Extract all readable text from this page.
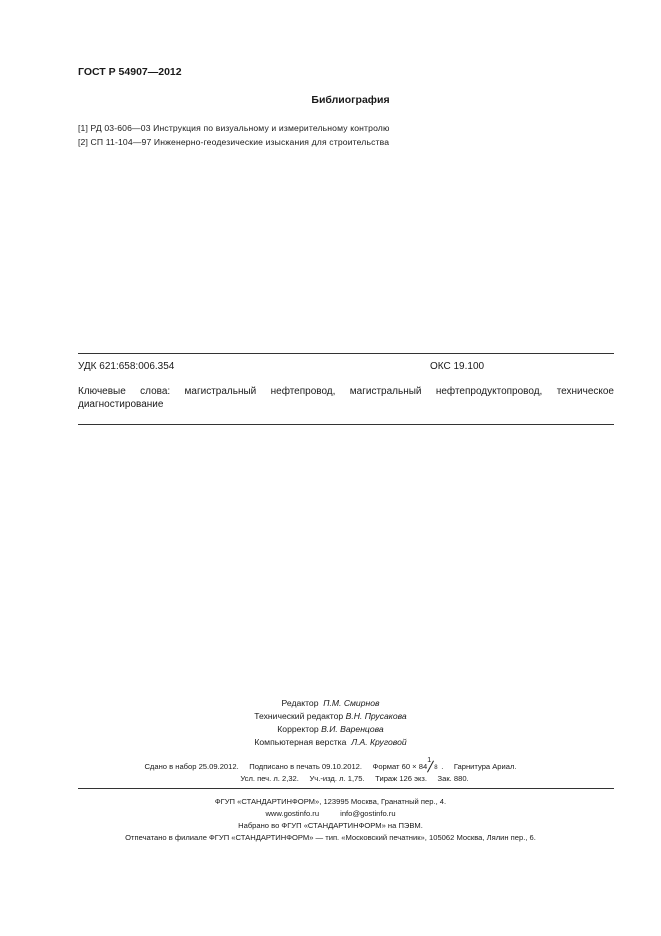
ГОСТ Р 54907—2012
Библиография
[1] РД 03-606—03 Инструкция по визуальному и измерительному контролю
[2] СП 11-104—97 Инженерно-геодезические изыскания для строительства
УДК 621:658:006.354	ОКС 19.100
Ключевые слова: магистральный нефтепровод, магистральный нефтепродуктопровод, техническое
диагностирование
Редактор П.М. Смирнов
Технический редактор В.Н. Прусакова
Корректор В.И. Варенцова
Компьютерная верстка Л.А. Круговой
Сдано в набор 25.09.2012.     Подписано в печать 09.10.2012.     Формат 60 × 84
1
8 .     Гарнитура Ариал.
Усл. печ. л. 2,32.     Уч.-изд. л. 1,75.     Тираж 126 экз.     Зак. 880.
ФГУП «СТАНДАРТИНФОРМ», 123995 Москва, Гранатный пер., 4.
www.gostinfo.ru          info@gostinfo.ru
Набрано во ФГУП «СТАНДАРТИНФОРМ» на ПЭВМ.
Отпечатано в филиале ФГУП «СТАНДАРТИНФОРМ» — тип. «Московский печатник», 105062 Москва, Лялин пер., 6.
